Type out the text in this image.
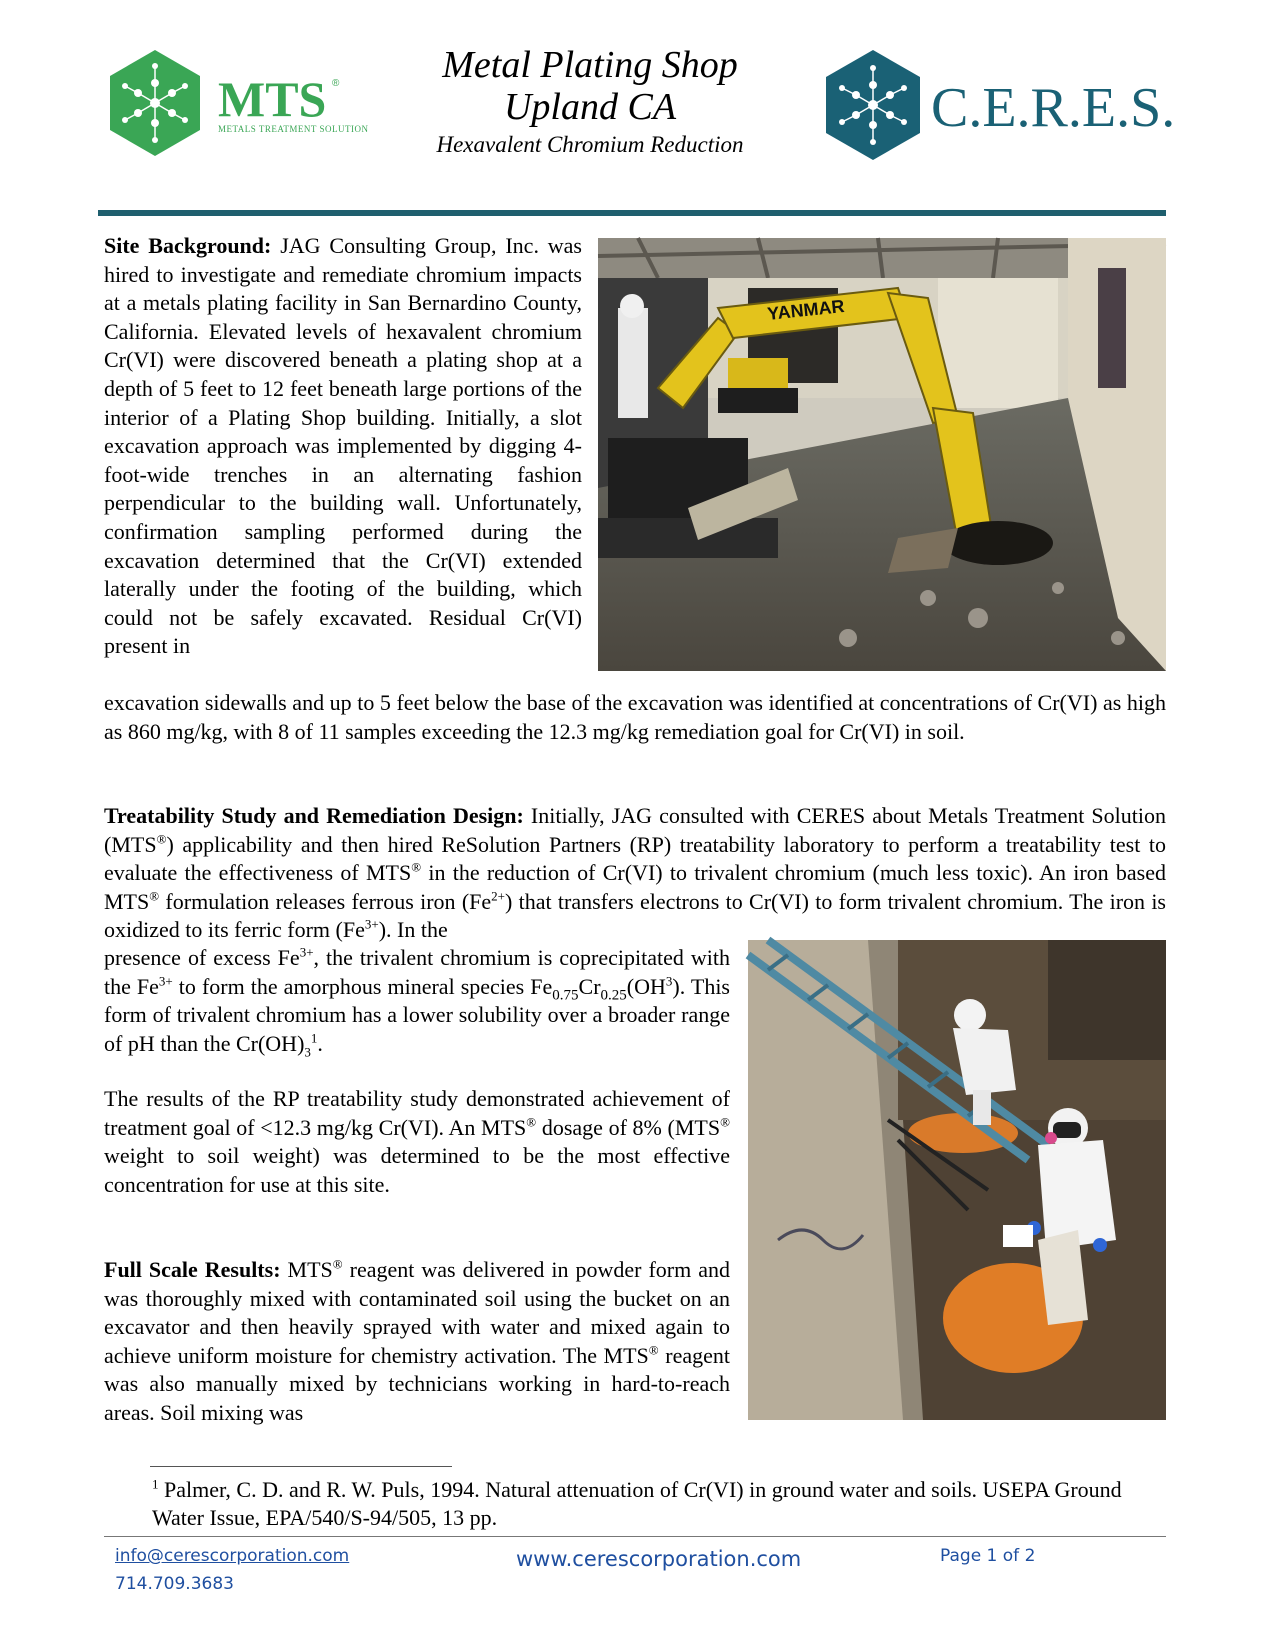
MTS ®
METALS TREATMENT SOLUTION
Metal Plating Shop
Upland CA
Hexavalent Chromium Reduction
C.E.R.E.S.
YANMAR
Site Background: JAG Consulting Group, Inc. was hired to investigate and remediate chromium impacts at a metals plating facility in San Bernardino County, California. Elevated levels of hexavalent chromium Cr(VI) were discovered beneath a plating shop at a depth of 5 feet to 12 feet beneath large portions of the interior of a Plating Shop building. Initially, a slot excavation approach was implemented by digging 4-foot-wide trenches in an alternating fashion perpendicular to the building wall. Unfortunately, confirmation sampling performed during the excavation determined that the Cr(VI) extended laterally under the footing of the building, which could not be safely excavated. Residual Cr(VI) present in
excavation sidewalls and up to 5 feet below the base of the excavation was identified at concentrations of Cr(VI) as high as 860 mg/kg, with 8 of 11 samples exceeding the 12.3 mg/kg remediation goal for Cr(VI) in soil.
Treatability Study and Remediation Design: Initially, JAG consulted with CERES about Metals Treatment Solution (MTS®) applicability and then hired ReSolution Partners (RP) treatability laboratory to perform a treatability test to evaluate the effectiveness of MTS® in the reduction of Cr(VI) to trivalent chromium (much less toxic). An iron based MTS® formulation releases ferrous iron $(Fe^{2+})$ that transfers electrons to Cr(VI) to form trivalent chromium. The iron is oxidized to its ferric form $(Fe^{3+})$. In the
presence of excess $Fe^{3+}$, the trivalent chromium is coprecipitated with the $Fe^{3+}$ to form the amorphous mineral species $Fe_{0.75}Cr_{0.25}(OH^3)$. This form of trivalent chromium has a lower solubility over a broader range of pH than the $Cr(OH)_3^1$.
The results of the RP treatability study demonstrated achievement of treatment goal of <12.3 mg/kg Cr(VI). An MTS® dosage of 8% (MTS® weight to soil weight) was determined to be the most effective concentration for use at this site.
Full Scale Results: MTS® reagent was delivered in powder form and was thoroughly mixed with contaminated soil using the bucket on an excavator and then heavily sprayed with water and mixed again to achieve uniform moisture for chemistry activation. The MTS® reagent was also manually mixed by technicians working in hard-to-reach areas. Soil mixing was
$^1$ Palmer, C. D. and R. W. Puls, 1994. Natural attenuation of Cr(VI) in ground water and soils. USEPA Ground Water Issue, EPA/540/S-94/505, 13 pp.
info@cerescorporation.com
714.709.3683
www.cerescorporation.com	Page 1 of 2
